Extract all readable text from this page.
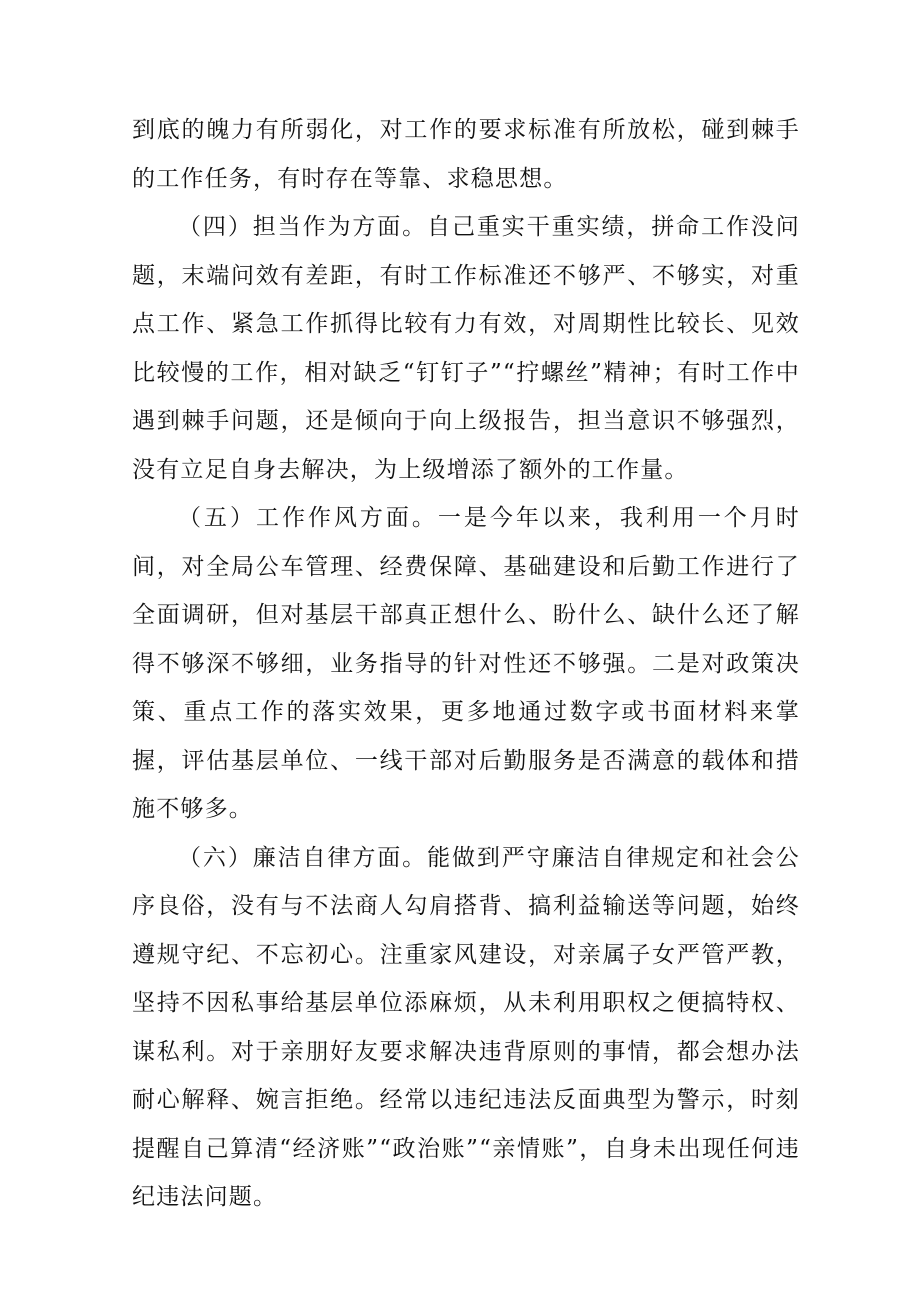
到底的魄力有所弱化，对工作的要求标准有所放松，碰到棘手的工作任务，有时存在等靠、求稳思想。

（四）担当作为方面。自己重实干重实绩，拼命工作没问题，末端问效有差距，有时工作标准还不够严、不够实，对重点工作、紧急工作抓得比较有力有效，对周期性比较长、见效比较慢的工作，相对缺乏“钉钉子”“拧螺丝”精神；有时工作中遇到棘手问题，还是倾向于向上级报告，担当意识不够强烈，没有立足自身去解决，为上级增添了额外的工作量。

（五）工作作风方面。一是今年以来，我利用一个月时间，对全局公车管理、经费保障、基础建设和后勤工作进行了全面调研，但对基层干部真正想什么、盼什么、缺什么还了解得不够深不够细，业务指导的针对性还不够强。二是对政策决策、重点工作的落实效果，更多地通过数字或书面材料来掌握，评估基层单位、一线干部对后勤服务是否满意的载体和措施不够多。

（六）廉洁自律方面。能做到严守廉洁自律规定和社会公序良俗，没有与不法商人勾肩搭背、搞利益输送等问题，始终遵规守纪、不忘初心。注重家风建设，对亲属子女严管严教，坚持不因私事给基层单位添麻烦，从未利用职权之便搞特权、谋私利。对于亲朋好友要求解决违背原则的事情，都会想办法耐心解释、婉言拒绝。经常以违纪违法反面典型为警示，时刻提醒自己算清“经济账”“政治账”“亲情账”，自身未出现任何违纪违法问题。
